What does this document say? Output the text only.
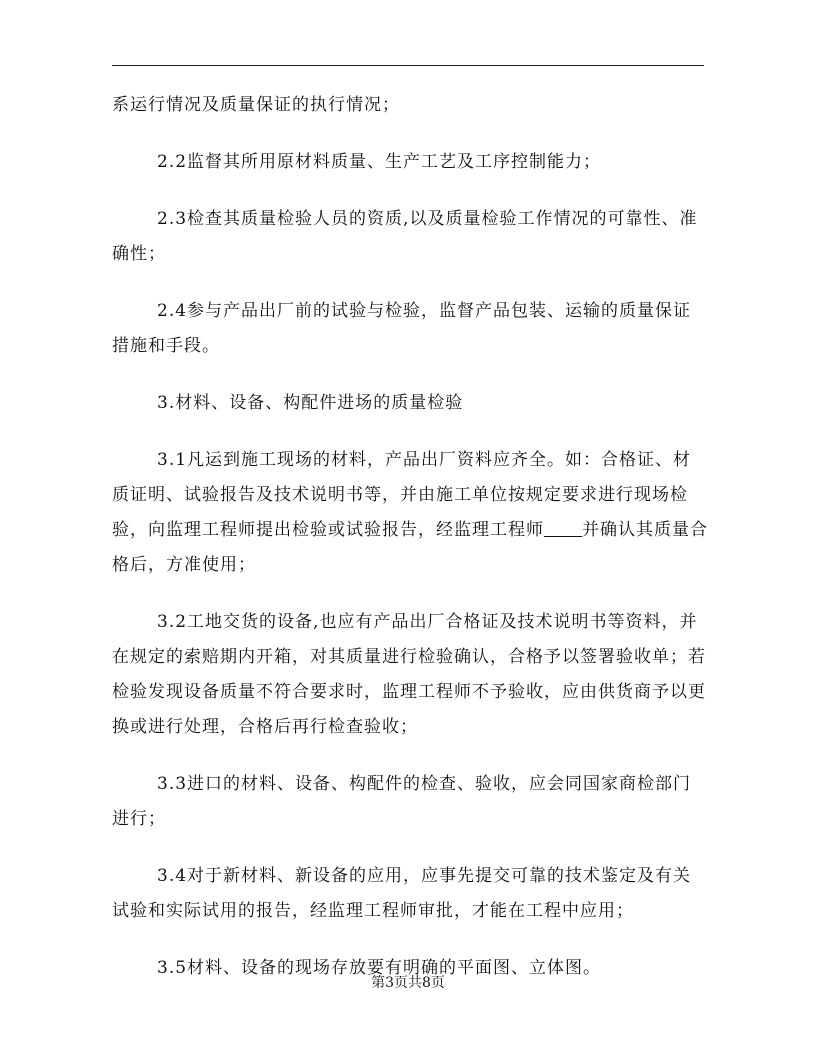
系运行情况及质量保证的执行情况；

2.2监督其所用原材料质量、生产工艺及工序控制能力；

2.3检查其质量检验人员的资质,以及质量检验工作情况的可靠性、准确性；

2.4参与产品出厂前的试验与检验，监督产品包装、运输的质量保证措施和手段。

3.材料、设备、构配件进场的质量检验

3.1凡运到施工现场的材料，产品出厂资料应齐全。如：合格证、材质证明、试验报告及技术说明书等，并由施工单位按规定要求进行现场检验，向监理工程师提出检验或试验报告，经监理工程师 并确认其质量合格后，方准使用；

3.2工地交货的设备,也应有产品出厂合格证及技术说明书等资料，并在规定的索赔期内开箱，对其质量进行检验确认，合格予以签署验收单；若检验发现设备质量不符合要求时，监理工程师不予验收，应由供货商予以更换或进行处理，合格后再行检查验收；

3.3进口的材料、设备、构配件的检查、验收，应会同国家商检部门进行；

3.4对于新材料、新设备的应用，应事先提交可靠的技术鉴定及有关试验和实际试用的报告，经监理工程师审批，才能在工程中应用；

3.5材料、设备的现场存放要有明确的平面图、立体图。

第3页共8页
